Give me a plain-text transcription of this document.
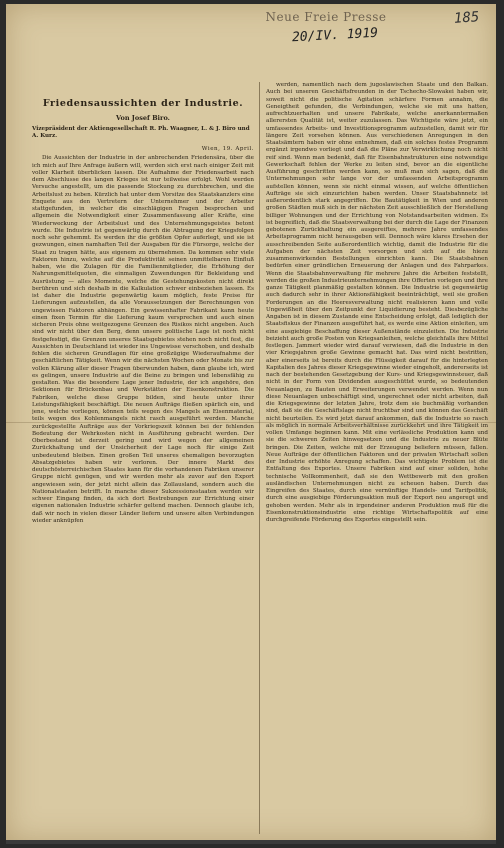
Neue Freie Presse
20/IV. 1919
185
Friedensaussichten der Industrie.
Von Josef Biro.
Vizepräsident der Aktiengesellschaft R. Ph. Waagner, L. & J. Biro und A. Kurz.
Wien, 19. April.

Die Aussichten der Industrie in der anbrechenden Friedensära, über die ich mich auf Ihre Anfrage äußern will, werden sich erst nach einiger Zeit mit voller Klarheit überblicken lassen. Die Aufnahme der Friedensarbeit nach dem Abschlusse des langen Krieges ist nur teilweise erfolgt. Wohl werden Versuche angestellt, um die passende Stockung zu durchbrechen, und die Arbeitslust zu heben. Kürzlich hat unter dem Vorsitze des Staatskanzlers eine Enquete aus den Vertretern der Unternehmer und der Arbeiter stattgefunden, in welcher die einschlägigen Fragen besprochen und allgemein die Notwendigkeit einer Zusammenfassung aller Kräfte, eine Wiederweckung der Arbeitslust und des Unternehmungsgeistes betont wurde. Die Industrie ist gegenwärtig durch die Abtragung der Kriegsfolgen noch sehr gehemmt. Es werden ihr die größten Opfer auferlegt, und sie ist gezwungen, einen namhaften Teil der Ausgaben für die Fürsorge, welche der Staat zu tragen hätte, aus eigenem zu übernehmen. Da kommen sehr viele Faktoren hinzu, welche auf die Produktivität seinen unmittelbaren Einfluß haben, wie die Zulagen für die Familienmitglieder, die Erhöhung der Nahrungsmittelquoten, die einmaligen Zuwendungen für Bekleidung und Ausrüstung — alles Momente, welche die Gestehungskosten nicht direkt berühren und sich deshalb in die Kalkulation schwer einbeziehen lassen. Es ist daher die Industrie gegenwärtig kaum möglich, feste Preise für Lieferungen aufzustellen, da alle Voraussetzungen der Berechnungen von ungewissen Faktoren abhängen. Ein gewissenhafter Fabrikant kann heute einen fixen Termin für die Lieferung kaum versprechen und auch einen sicheren Preis ohne weitgezogene Grenzen des Risikos nicht angeben. Auch sind wir nicht über den Berg, denn unsere politische Lage ist noch nicht festgefestigt, die Grenzen unseres Staatsgebietes stehen noch nicht fest, die Aussichten in Deutschland ist wieder ins Ungewisse verschoben, und deshalb fehlen die sicheren Grundlagen für eine großzügige Wiederaufnahme der geschäftlichen Tätigkeit. Wenn wir die nächsten Wochen oder Monate bis zur vollen Klärung aller dieser Fragen überwunden haben, dann glaube ich, wird es gelingen, unsere Industrie auf die Beine zu bringen und lebensfähig zu gestalten. Was die besondere Lage jener Industrie, der ich angehöre, den Sektionen für Brückenbau und Werkstätten der Eisenkonstruktion. Die Fabriken, welche diese Gruppe bilden, sind heute unter ihrer Leistungsfähigkeit beschäftigt. Die neuen Aufträge fließen spärlich ein, und jene, welche vorliegen, können teils wegen des Mangels an Eisenmaterial, teils wegen des Kohlenmangels nicht rasch ausgeführt werden. Manche zurückgestellte Aufträge aus der Vorkriegszeit können bei der fehlenden Bedeutung der Wehrkosten nicht in Ausführung gebracht werden. Der Oberbestand ist derzeit gering und wird wegen der allgemeinen Zurückhaltung und der Unsicherheit der Lage noch für einige Zeit unbedeutend bleiben. Einen großen Teil unseres ehemaligen bevorzugten Absatzgebietes haben wir verloren. Der innere Markt des deutschösterreichischen Staates kann für die vorhandenen Fabriken unserer Gruppe nicht genügen, und wir werden mehr als zuvor auf den Export angewiesen sein, der jetzt nicht allein das Zollausland, sondern auch die Nationalstaaten betrifft. In manche dieser Sukzessionsstaaten werden wir schwer Eingang finden, da sich dort Bestrebungen zur Errichtung einer eigenen nationalen Industrie schärfer geltend machen. Dennoch glaube ich, daß wir noch in vielen dieser Länder liefern und unsere alten Verbindungen wieder anknüpfen

werden, namentlich nach dem jugoslawischen Staate und den Balkan. Auch bei unseren Geschäftsfreunden in der Tschecho-Slowakei haben wir, soweit nicht die politische Agitation schärfere Formen annahm, die Geneigtheit gefunden, die Verbindungen, welche sie mit uns hatten, aufrechtzuerhalten und unsere Fabrikate, welche anerkanntermaßen allerersten Qualität ist, weiter zuzulassen. Das Wichtigste wäre jetzt, ein umfassendes Arbeits- und Investitionsprogramm aufzustellen, damit wir für längere Zeit vorsehen können. Aus verschiedenen Anregungen in den Staatsämtern haben wir ohne entnehmen, daß ein solches festes Programm ergänzt irgendwo vorliegt und daß die Pläne zur Verwirklichung noch nicht reif sind. Wenn man bedenkt, daß für Eisenbahnstrukturen eine notwendige Gewerkschaft fehlen der Werke zu leiten sind, bevor an die eigentliche Ausführung geschritten werden kann, so muß man sich sagen, daß die Unternehmungen sehr lange vor der umfassenden Arbeitsprogramm aufstellen können, wenn sie nicht einmal wissen, auf welche öffentlichen Aufträge sie sich einzurichten haben werden. Unser Staatsbahnnetz ist außerordentlich stark angegriffen. Die Bautätigkeit in Wien und anderen großen Städten muß sich in der nächsten Zeit ausschließlich der Herstellung billiger Wohnungen und der Errichtung von Notstandsarbeiten widmen. Es ist begreiflich, daß die Staatsverwaltung bei der durch die Lage der Finanzen gebotenen Zurückhaltung ein ausgereiftes, mehrere Jahre umfassendes Arbeitsprogramm nicht herausgeben will. Dennoch wäre klares Ersehen der ausschreibenden Seite außerordentlich wichtig, damit die Industrie für die Aufgaben der nächsten Zeit vorsorgen und sich auf die hiezu zusammenwirkenden Bestellungen einrichten kann. Die Staatsbahnen bedürfen einer gründlichen Erneuerung der Anlagen und des Fahrparkes. Wenn die Staatsbahnverwaltung für mehrere Jahre die Arbeiten feststellt, werden die großen Industrieunternehmungen ihre Offerten vorlegen und ihre ganze Tätigkeit planmäßig gestalten können. Die Industrie ist gegenwärtig auch dadurch sehr in ihrer Aktionsfähigkeit beeinträchtigt, weil sie großen Forderungen an die Heeresverwaltung nicht realisieren kann und volle Ungewißheit über den Zeitpunkt der Liquidierung besteht. Diesbezügliche Angaben ist in diesem Zustande eine Entscheidung erfolgt, daß lediglich der Staatsfiskus der Finanzen ausgeführt hat, es werde eine Aktion einleiten, um eine ausgiebige Beschaffung dieser Außenstände einzuleiten. Die Industrie beizieht auch große Posten von Kriegsanleihen, welche gleichfalls ihre Mittel festlegen. Jammert wieder wird darauf verwiesen, daß die Industrie in den vier Kriegsjahren große Gewinne gemacht hat. Das wird nicht bestritten, aber einerseits ist bereits durch die Flüssigkeit darauf für die hinterlegten Kapitalien des Jahres dieser Kriegsgewinne wieder eingeholt, andererseits ist nach der bestehenden Gesetzgebung der Kurs- und Kriegsgewinnsteuer, daß nicht in der Form von Dividenden ausgeschüttet wurde, so bedeutenden Neuanlagen, zu Bauten und Erweiterungen verwendet werden. Wenn nun diese Neuanlagen unbeschäftigt sind, ungerechnet oder nicht arbeiten, daß die Kriegsgewinne der letzten Jahre, trotz dem sie buchmäßig vorhanden sind, daß sie die Geschäftslage nicht fruchtbar sind und können das Geschäft nicht beurteilen. Es wird jetzt darauf ankommen, daß die Industrie so rasch als möglich in normale Arbeitsverhältnisse zurückkehrt und ihre Tätigkeit im vollen Umfange beginnen kann. Mit eine verlässliche Produktion kann und sie die schweren Zeiten hinwegsetzen und die Industrie zu neuer Blüte bringen. Die Zeiten, welche mit der Erzeugung beliefern müssen, fallen. Neue Aufträge der öffentlichen Faktoren und der privaten Wirtschaft sollen der Industrie erhöhte Anregung schaffen. Das wichtigste Problem ist die Entfaltung des Exportes. Unsere Fabriken sind auf einer soliden, hohe technische Vollkommenheit, daß sie den Wettbewerb mit den großen ausländischen Unternehmungen nicht zu scheuen haben. Durch das Eingreifen des Staates, durch eine vernünftige Handels- und Tarifpolitik, durch eine ausgiebige Förderungsaktion muß der Export neu angeregt und gehoben werden. Mehr als in irgendeiner anderen Produktion muß für die Eisenkonstruktionsindustrie eine richtige Wirtschaftspolitik auf eine durchgreifende Förderung des Exportes eingestellt sein.
